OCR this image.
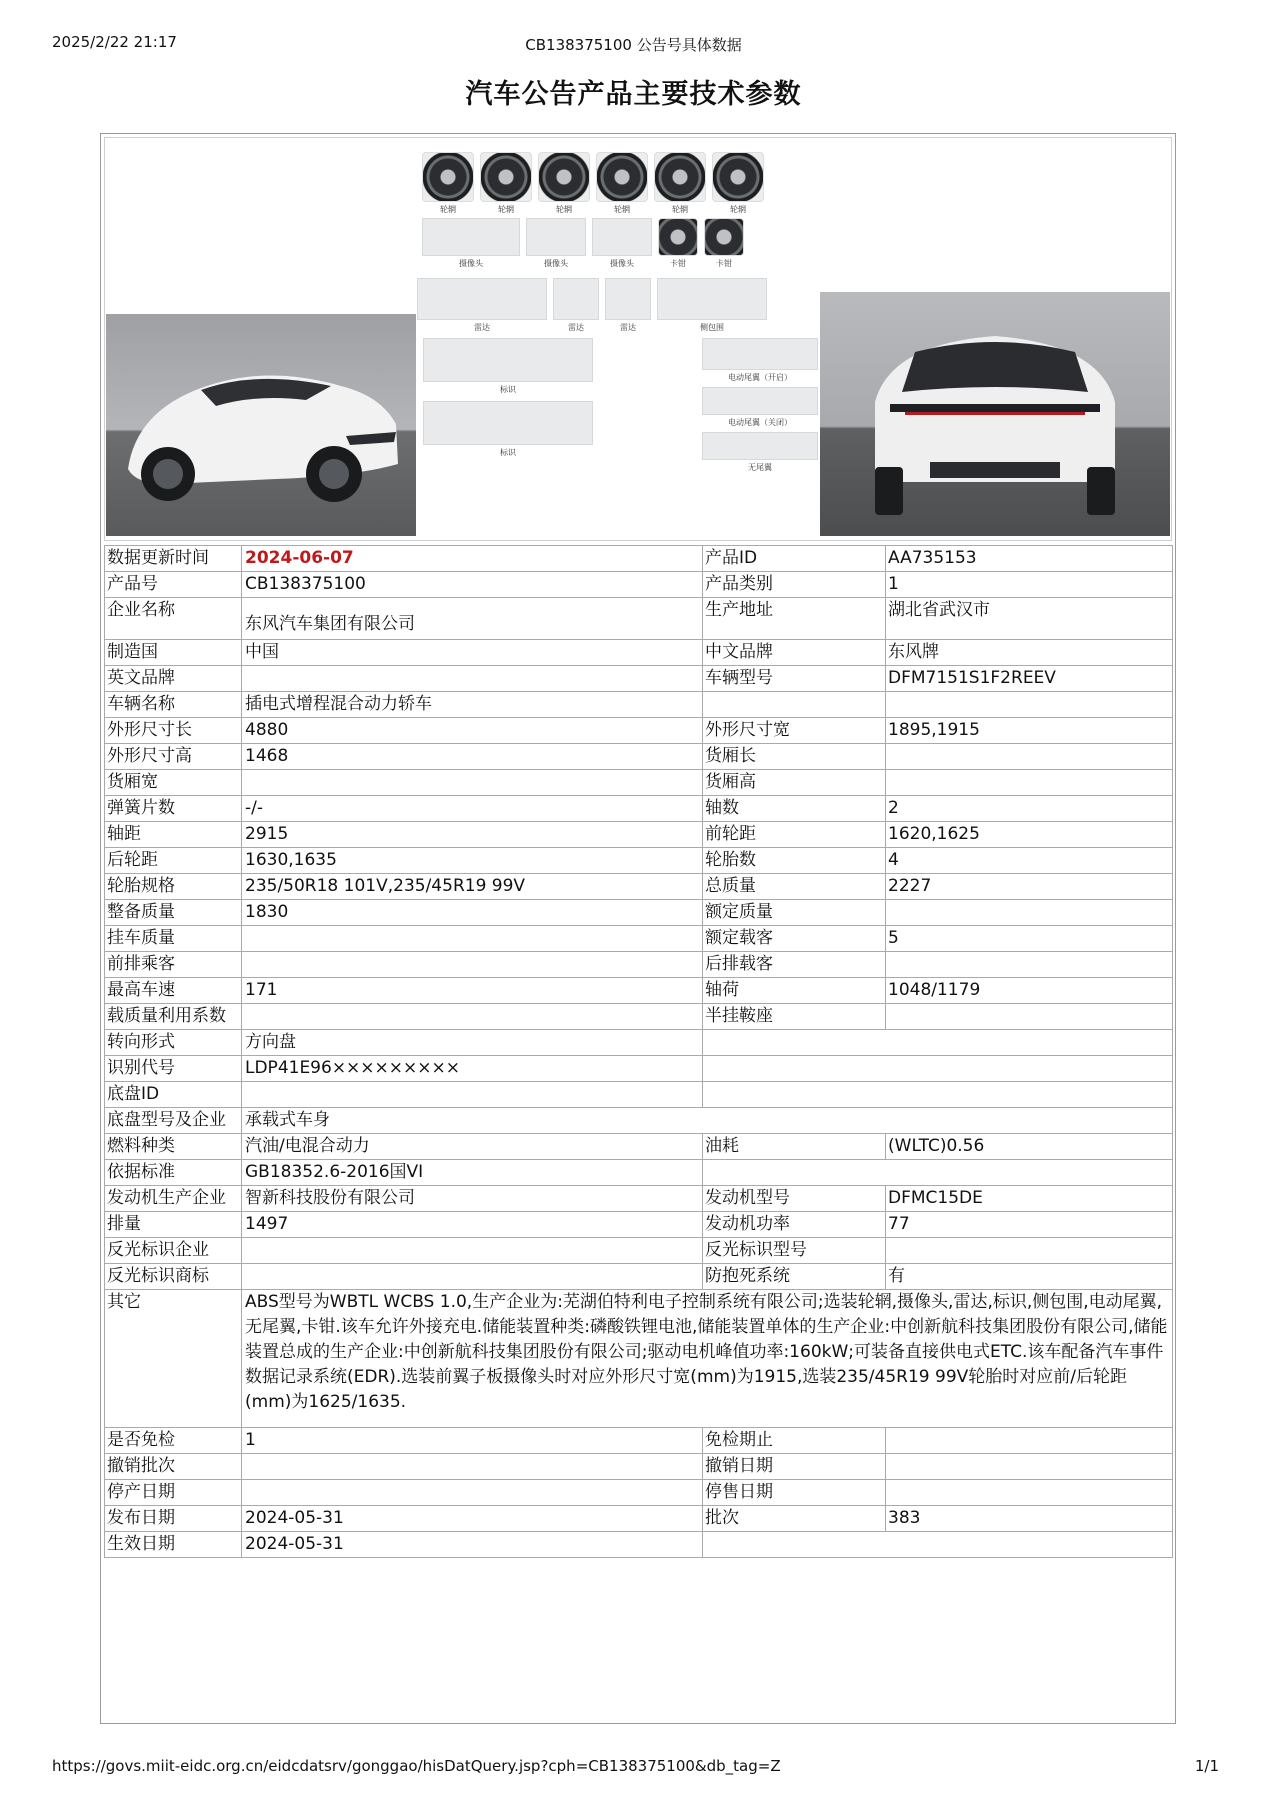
2025/2/22 21:17	CB138375100 公告号具体数据
汽车公告产品主要技术参数
轮辋	轮辋	轮辋	轮辋	轮辋	轮辋
摄像头	摄像头	摄像头	卡钳	卡钳
雷达	雷达	雷达	侧包围
标识
标识
电动尾翼（开启）
电动尾翼（关闭）
无尾翼
数据更新时间	2024-06-07	产品ID	AA735153
产品号	CB138375100	产品类别	1
企业名称	东风汽车集团有限公司	生产地址	湖北省武汉市
制造国	中国	中文品牌	东风牌
英文品牌		车辆型号	DFM7151S1F2REEV
车辆名称	插电式增程混合动力轿车		
外形尺寸长	4880	外形尺寸宽	1895,1915
外形尺寸高	1468	货厢长	
货厢宽		货厢高	
弹簧片数	-/-	轴数	2
轴距	2915	前轮距	1620,1625
后轮距	1630,1635	轮胎数	4
轮胎规格	235/50R18 101V,235/45R19 99V	总质量	2227
整备质量	1830	额定质量	
挂车质量		额定载客	5
前排乘客		后排载客	
最高车速	171	轴荷	1048/1179
载质量利用系数		半挂鞍座	
转向形式	方向盘		
识别代号	LDP41E96×××××××××		
底盘ID			
底盘型号及企业	承载式车身		
燃料种类	汽油/电混合动力	油耗	(WLTC)0.56
依据标准	GB18352.6-2016国VI		
发动机生产企业	智新科技股份有限公司	发动机型号	DFMC15DE
排量	1497	发动机功率	77
反光标识企业		反光标识型号	
反光标识商标		防抱死系统	有
其它	ABS型号为WBTL WCBS 1.0,生产企业为:芜湖伯特利电子控制系统有限公司;选装轮辋,摄像头,雷达,标识,侧包围,电动尾翼,无尾翼,卡钳.该车允许外接充电.储能装置种类:磷酸铁锂电池,储能装置单体的生产企业:中创新航科技集团股份有限公司,储能装置总成的生产企业:中创新航科技集团股份有限公司;驱动电机峰值功率:160kW;可装备直接供电式ETC.该车配备汽车事件数据记录系统(EDR).选装前翼子板摄像头时对应外形尺寸宽(mm)为1915,选装235/45R19 99V轮胎时对应前/后轮距(mm)为1625/1635.		
是否免检	1	免检期止	
撤销批次		撤销日期	
停产日期		停售日期	
发布日期	2024-05-31	批次	383
生效日期	2024-05-31		
https://govs.miit-eidc.org.cn/eidcdatsrv/gonggao/hisDatQuery.jsp?cph=CB138375100&db_tag=Z	1/1
